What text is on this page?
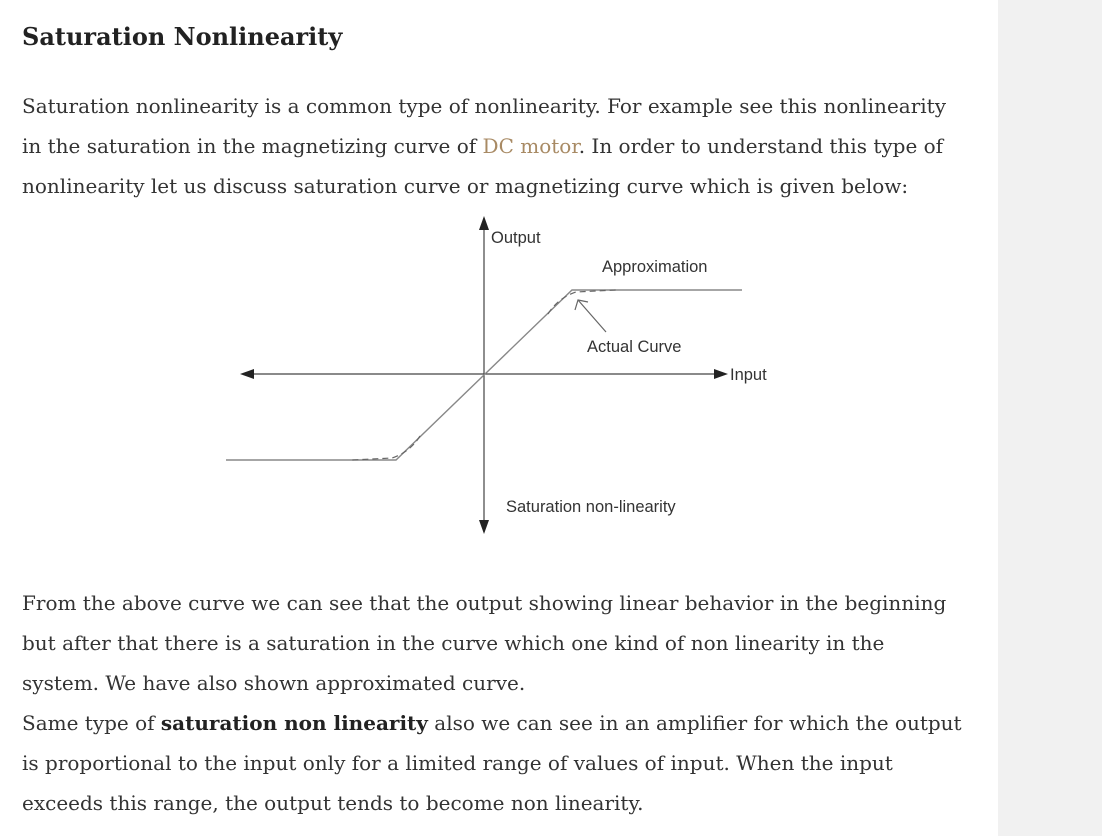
Saturation Nonlinearity

Saturation nonlinearity is a common type of nonlinearity. For example see this nonlinearity in the saturation in the magnetizing curve of DC motor. In order to understand this type of nonlinearity let us discuss saturation curve or magnetizing curve which is given below:

From the above curve we can see that the output showing linear behavior in the beginning but after that there is a saturation in the curve which one kind of non linearity in the system. We have also shown approximated curve.

Same type of saturation non linearity also we can see in an amplifier for which the output is proportional to the input only for a limited range of values of input. When the input exceeds this range, the output tends to become non linearity.

Output
Approximation
Actual Curve
Input
Saturation non-linearity
